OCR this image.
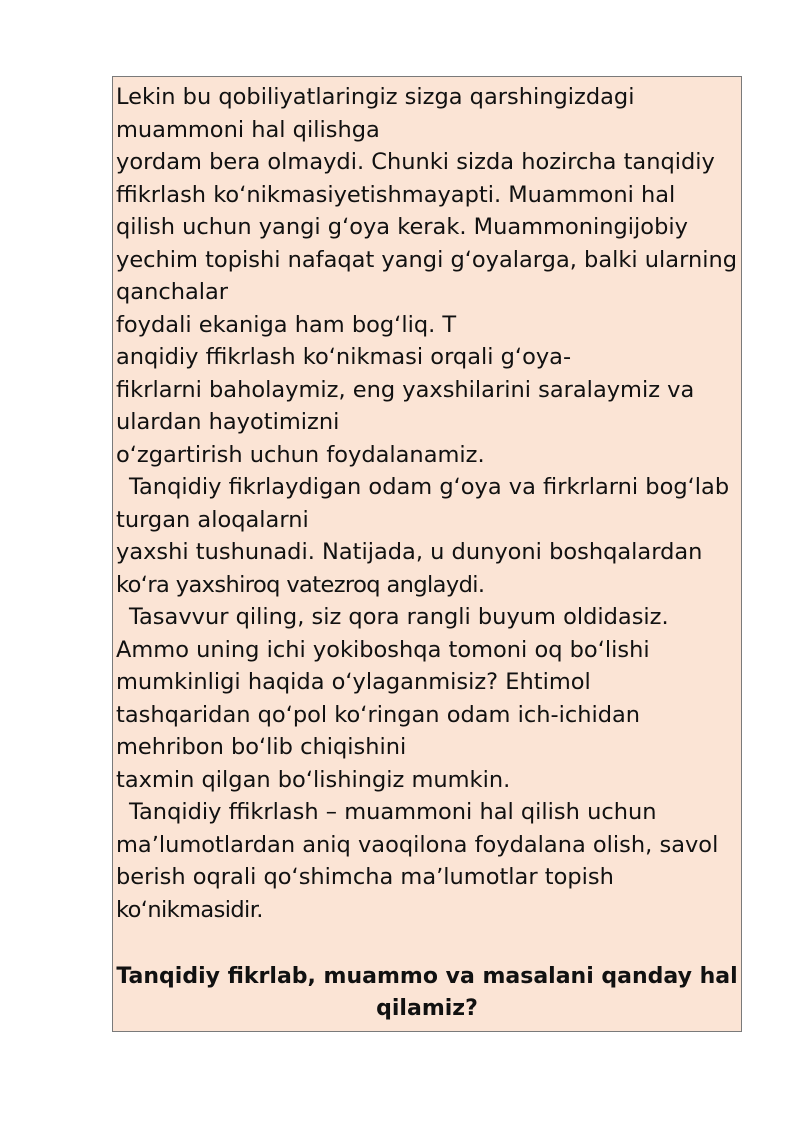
Lekin bu qobiliyatlaringiz sizga qarshingizdagi
muammoni hal qilishga
yordam bera olmaydi. Chunki sizda hozircha tanqidiy
ffikrlash koʻnikmasiyetishmayapti. Muammoni hal
qilish uchun yangi gʻoya kerak. Muammoningijobiy
yechim topishi nafaqat yangi gʻoyalarga, balki ularning
qanchalar
foydali ekaniga ham bogʻliq. T
anqidiy ffikrlash koʻnikmasi orqali gʻoya-
fikrlarni baholaymiz, eng yaxshilarini saralaymiz va
ulardan hayotimizni
oʻzgartirish uchun foydalanamiz.
Tanqidiy fikrlaydigan odam gʻoya va firkrlarni bogʻlab
turgan aloqalarni
yaxshi tushunadi. Natijada, u dunyoni boshqalardan
koʻra yaxshiroq vatezroq anglaydi.
Tasavvur qiling, siz qora rangli buyum oldidasiz.
Ammo uning ichi yokiboshqa tomoni oq boʻlishi
mumkinligi haqida oʻylaganmisiz? Ehtimol
tashqaridan qoʻpol koʻringan odam ich-ichidan
mehribon boʻlib chiqishini
taxmin qilgan boʻlishingiz mumkin.
Tanqidiy ffikrlash – muammoni hal qilish uchun
maʼlumotlardan aniq vaoqilona foydalana olish, savol
berish oqrali qoʻshimcha maʼlumotlar topish
koʻnikmasidir.
Tanqidiy fikrlab, muammo va masalani qanday hal
qilamiz?
